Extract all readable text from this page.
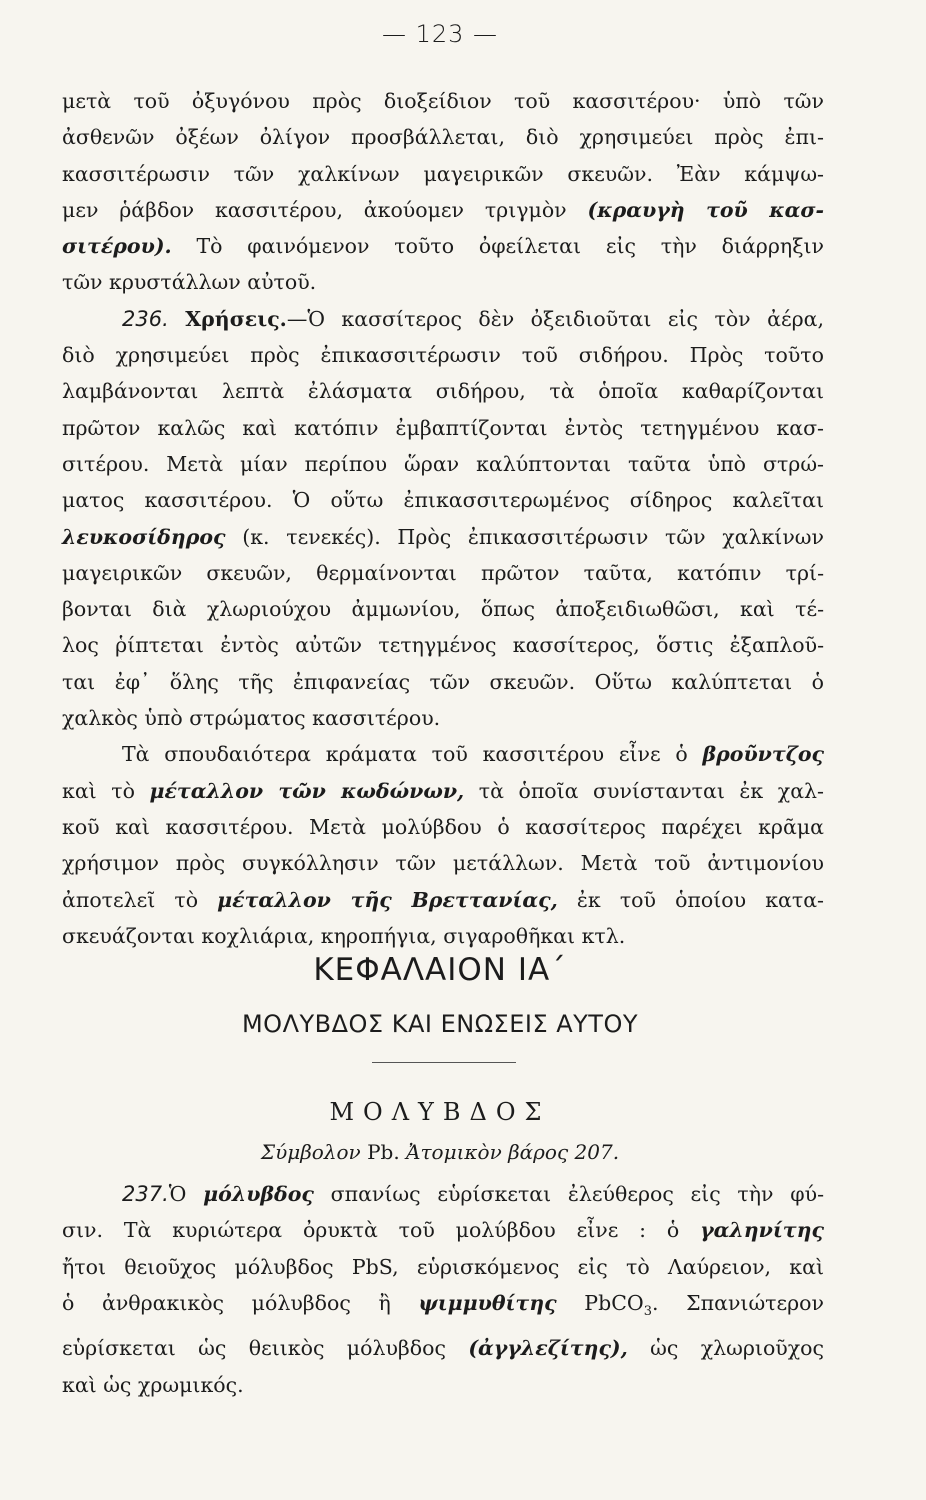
— 123 —

μετὰ τοῦ ὀξυγόνου πρὸς διοξείδιον τοῦ κασσιτέρου· ὑπὸ τῶν
ἀσθενῶν ὀξέων ὀλίγον προσβάλλεται, διὸ χρησιμεύει πρὸς ἐπι-
κασσιτέρωσιν τῶν χαλκίνων μαγειρικῶν σκευῶν. Ἐὰν κάμψω-
μεν ῥάβδον κασσιτέρου, ἀκούομεν τριγμὸν (κραυγὴ τοῦ κασ-
σιτέρου). Τὸ φαινόμενον τοῦτο ὀφείλεται εἰς τὴν διάρρηξιν
τῶν κρυστάλλων αὐτοῦ.

236. Χρήσεις.—Ὁ κασσίτερος δὲν ὀξειδιοῦται εἰς τὸν ἀέρα,
διὸ χρησιμεύει πρὸς ἐπικασσιτέρωσιν τοῦ σιδήρου. Πρὸς τοῦτο
λαμβάνονται λεπτὰ ἐλάσματα σιδήρου, τὰ ὁποῖα καθαρίζονται
πρῶτον καλῶς καὶ κατόπιν ἐμβαπτίζονται ἐντὸς τετηγμένου κασ-
σιτέρου. Μετὰ μίαν περίπου ὥραν καλύπτονται ταῦτα ὑπὸ στρώ-
ματος κασσιτέρου. Ὁ οὕτω ἐπικασσιτερωμένος σίδηρος καλεῖται
λευκοσίδηρος (κ. τενεκές). Πρὸς ἐπικασσιτέρωσιν τῶν χαλκίνων
μαγειρικῶν σκευῶν, θερμαίνονται πρῶτον ταῦτα, κατόπιν τρί-
βονται διὰ χλωριούχου ἀμμωνίου, ὅπως ἀποξειδιωθῶσι, καὶ τέ-
λος ῥίπτεται ἐντὸς αὐτῶν τετηγμένος κασσίτερος, ὅστις ἐξαπλοῦ-
ται ἐφ᾽ ὅλης τῆς ἐπιφανείας τῶν σκευῶν. Οὕτω καλύπτεται ὁ
χαλκὸς ὑπὸ στρώματος κασσιτέρου.

Τὰ σπουδαιότερα κράματα τοῦ κασσιτέρου εἶνε ὁ βροῦντζος
καὶ τὸ μέταλλον τῶν κωδώνων, τὰ ὁποῖα συνίστανται ἐκ χαλ-
κοῦ καὶ κασσιτέρου. Μετὰ μολύβδου ὁ κασσίτερος παρέχει κρᾶμα
χρήσιμον πρὸς συγκόλλησιν τῶν μετάλλων. Μετὰ τοῦ ἀντιμονίου
ἀποτελεῖ τὸ μέταλλον τῆς Βρεττανίας, ἐκ τοῦ ὁποίου κατα-
σκευάζονται κοχλιάρια, κηροπήγια, σιγαροθῆκαι κτλ.

ΚΕΦΑΛΑΙΟΝ ΙΑ΄
ΜΟΛΥΒΔΟΣ ΚΑΙ ΕΝΩΣΕΙΣ ΑΥΤΟΥ
ΜΟΛΥΒΔΟΣ
Σύμβολον Pb. Ἀτομικὸν βάρος 207.

237.Ὁ μόλυβδος σπανίως εὑρίσκεται ἐλεύθερος εἰς τὴν φύ-
σιν. Τὰ κυριώτερα ὀρυκτὰ τοῦ μολύβδου εἶνε : ὁ γαληνίτης
ἤτοι θειοῦχος μόλυβδος PbS, εὑρισκόμενος εἰς τὸ Λαύρειον, καὶ
ὁ ἀνθρακικὸς μόλυβδος ἢ ψιμμυθίτης PbCO$_3$. Σπανιώτερον
εὑρίσκεται ὡς θειικὸς μόλυβδος (ἀγγλεζίτης), ὡς χλωριοῦχος
καὶ ὡς χρωμικός.
